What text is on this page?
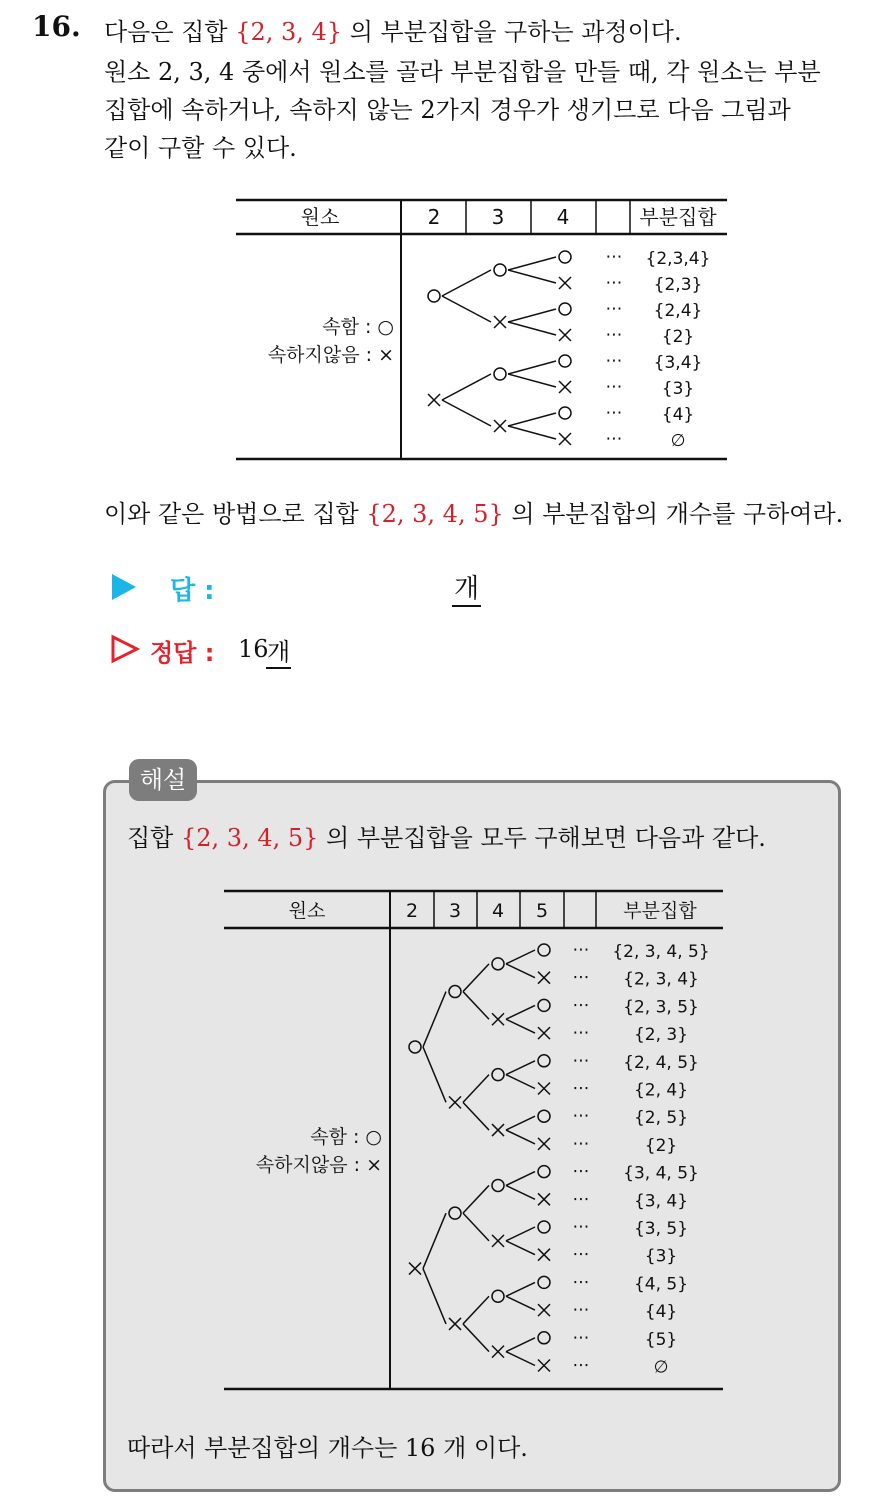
16. 다음은 집합 {2, 3, 4} 의 부분집합을 구하는 과정이다.
원소 2, 3, 4 중에서 원소를 골라 부분집합을 만들 때, 각 원소는 부분
집합에 속하거나, 속하지 않는 2가지 경우가 생기므로 다음 그림과
같이 구할 수 있다.
원소	2	3	4	부분집합
속함 : ○
속하지않음 : ×
⋯ {2,3,4}
⋯ {2,3}
⋯ {2,4}
⋯ {2}
⋯ {3,4}
⋯ {3}
⋯ {4}
⋯	∅
이와 같은 방법으로 집합 {2, 3, 4, 5} 의 부분집합의 개수를 구하여라.
답 :	개
정답 : 16
개
해설
집합 {2, 3, 4, 5} 의 부분집합을 모두 구해보면 다음과 같다.
원소	2 3 4 5	부분집합
속함 : ○
속하지않음 : ×
⋯ {2, 3, 4, 5}
⋯ {2, 3, 4}
⋯ {2, 3, 5}
⋯	{2, 3}
⋯ {2, 4, 5}
⋯	{2, 4}
⋯	{2, 5}
⋯	{2}
⋯ {3, 4, 5}
⋯	{3, 4}
⋯	{3, 5}
⋯	{3}
⋯	{4, 5}
⋯	{4}
⋯	{5}
⋯	∅
따라서 부분집합의 개수는 16 개 이다.
